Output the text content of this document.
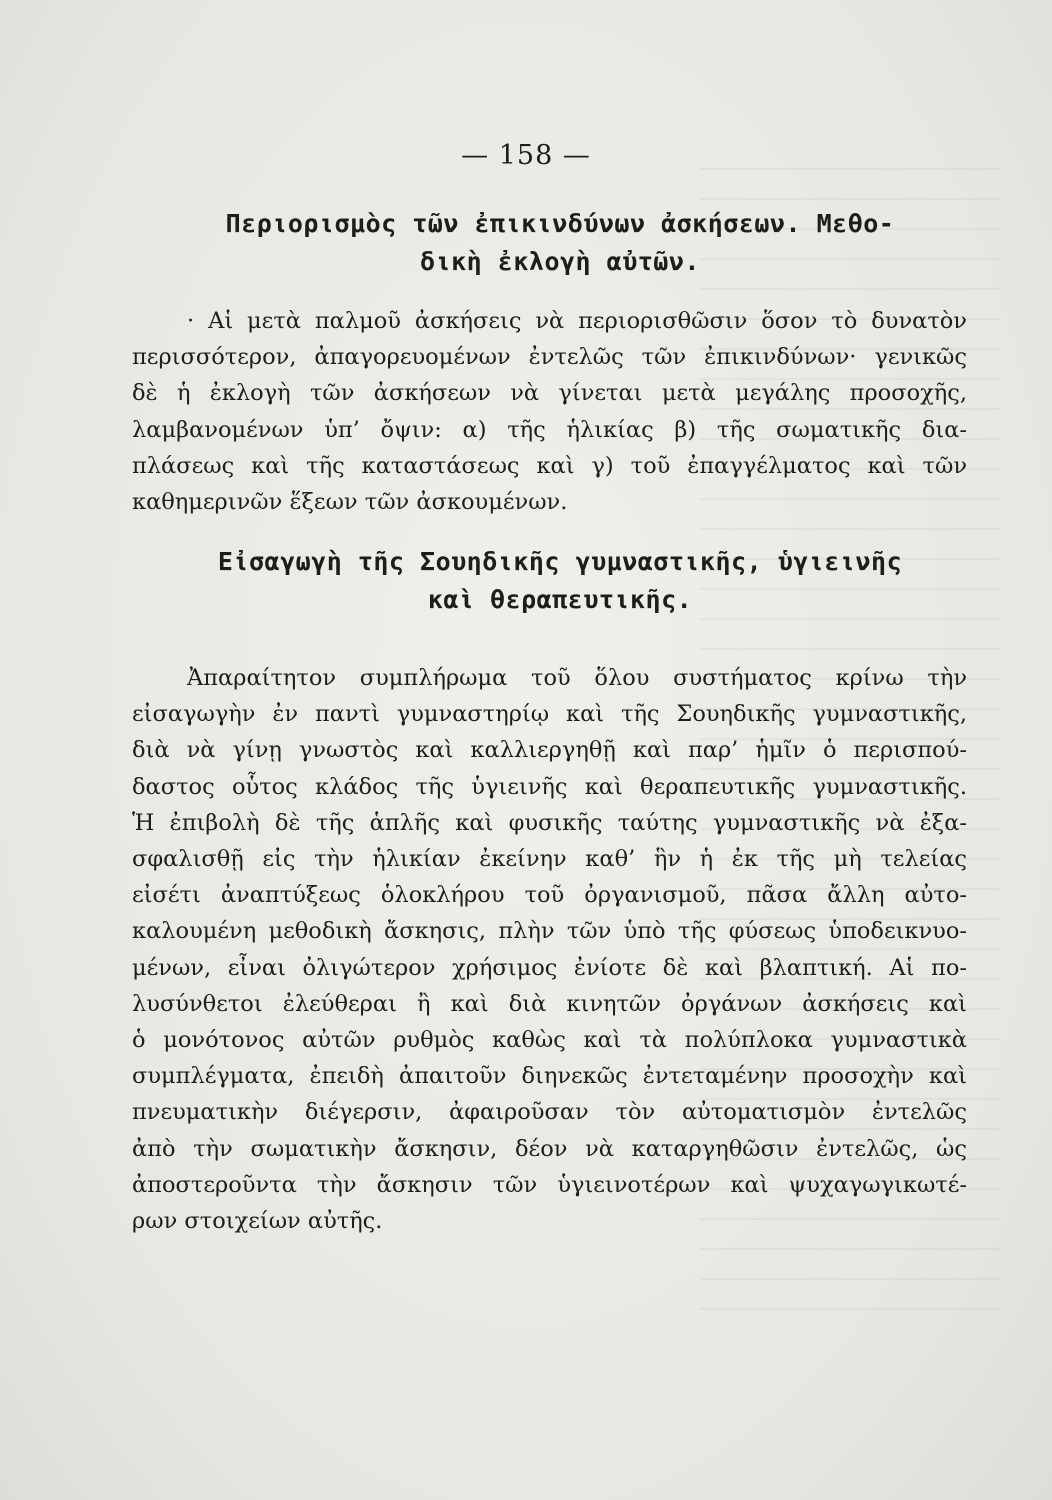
— 158 —
Περιορισμὸς τῶν ἐπικινδύνων ἀσκήσεων. Μεθο-
δικὴ ἐκλογὴ αὐτῶν.
· Αἱ μετὰ παλμοῦ ἀσκήσεις νὰ περιορισθῶσιν ὅσον τὸ δυνατὸν
περισσότερον, ἀπαγορευομένων ἐντελῶς τῶν ἐπικινδύνων· γενικῶς
δὲ ἡ ἐκλογὴ τῶν ἀσκήσεων νὰ γίνεται μετὰ μεγάλης προσοχῆς,
λαμβανομένων ὑπ’ ὄψιν: α) τῆς ἡλικίας β) τῆς σωματικῆς δια-
πλάσεως καὶ τῆς καταστάσεως καὶ γ) τοῦ ἐπαγγέλματος καὶ τῶν
καθημερινῶν ἕξεων τῶν ἀσκουμένων.
Εἰσαγωγὴ τῆς Σουηδικῆς γυμναστικῆς, ὑγιεινῆς
καὶ θεραπευτικῆς.
Ἀπαραίτητον συμπλήρωμα τοῦ ὅλου συστήματος κρίνω τὴν
εἰσαγωγὴν ἐν παντὶ γυμναστηρίῳ καὶ τῆς Σουηδικῆς γυμναστικῆς,
διὰ νὰ γίνῃ γνωστὸς καὶ καλλιεργηθῇ καὶ παρ’ ἡμῖν ὁ περισπού-
δαστος οὗτος κλάδος τῆς ὑγιεινῆς καὶ θεραπευτικῆς γυμναστικῆς.
Ἡ ἐπιβολὴ δὲ τῆς ἁπλῆς καὶ φυσικῆς ταύτης γυμναστικῆς νὰ ἐξα-
σφαλισθῇ εἰς τὴν ἡλικίαν ἐκείνην καθ’ ἣν ἡ ἐκ τῆς μὴ τελείας
εἰσέτι ἀναπτύξεως ὁλοκλήρου τοῦ ὀργανισμοῦ, πᾶσα ἄλλη αὐτο-
καλουμένη μεθοδικὴ ἄσκησις, πλὴν τῶν ὑπὸ τῆς φύσεως ὑποδεικνυο-
μένων, εἶναι ὀλιγώτερον χρήσιμος ἐνίοτε δὲ καὶ βλαπτική. Αἱ πο-
λυσύνθετοι ἐλεύθεραι ἢ καὶ διὰ κινητῶν ὀργάνων ἀσκήσεις καὶ
ὁ μονότονος αὐτῶν ρυθμὸς καθὼς καὶ τὰ πολύπλοκα γυμναστικὰ
συμπλέγματα, ἐπειδὴ ἀπαιτοῦν διηνεκῶς ἐντεταμένην προσοχὴν καὶ
πνευματικὴν διέγερσιν, ἀφαιροῦσαν τὸν αὐτοματισμὸν ἐντελῶς
ἀπὸ τὴν σωματικὴν ἄσκησιν, δέον νὰ καταργηθῶσιν ἐντελῶς, ὡς
ἀποστεροῦντα τὴν ἄσκησιν τῶν ὑγιεινοτέρων καὶ ψυχαγωγικωτέ-
ρων στοιχείων αὐτῆς.
